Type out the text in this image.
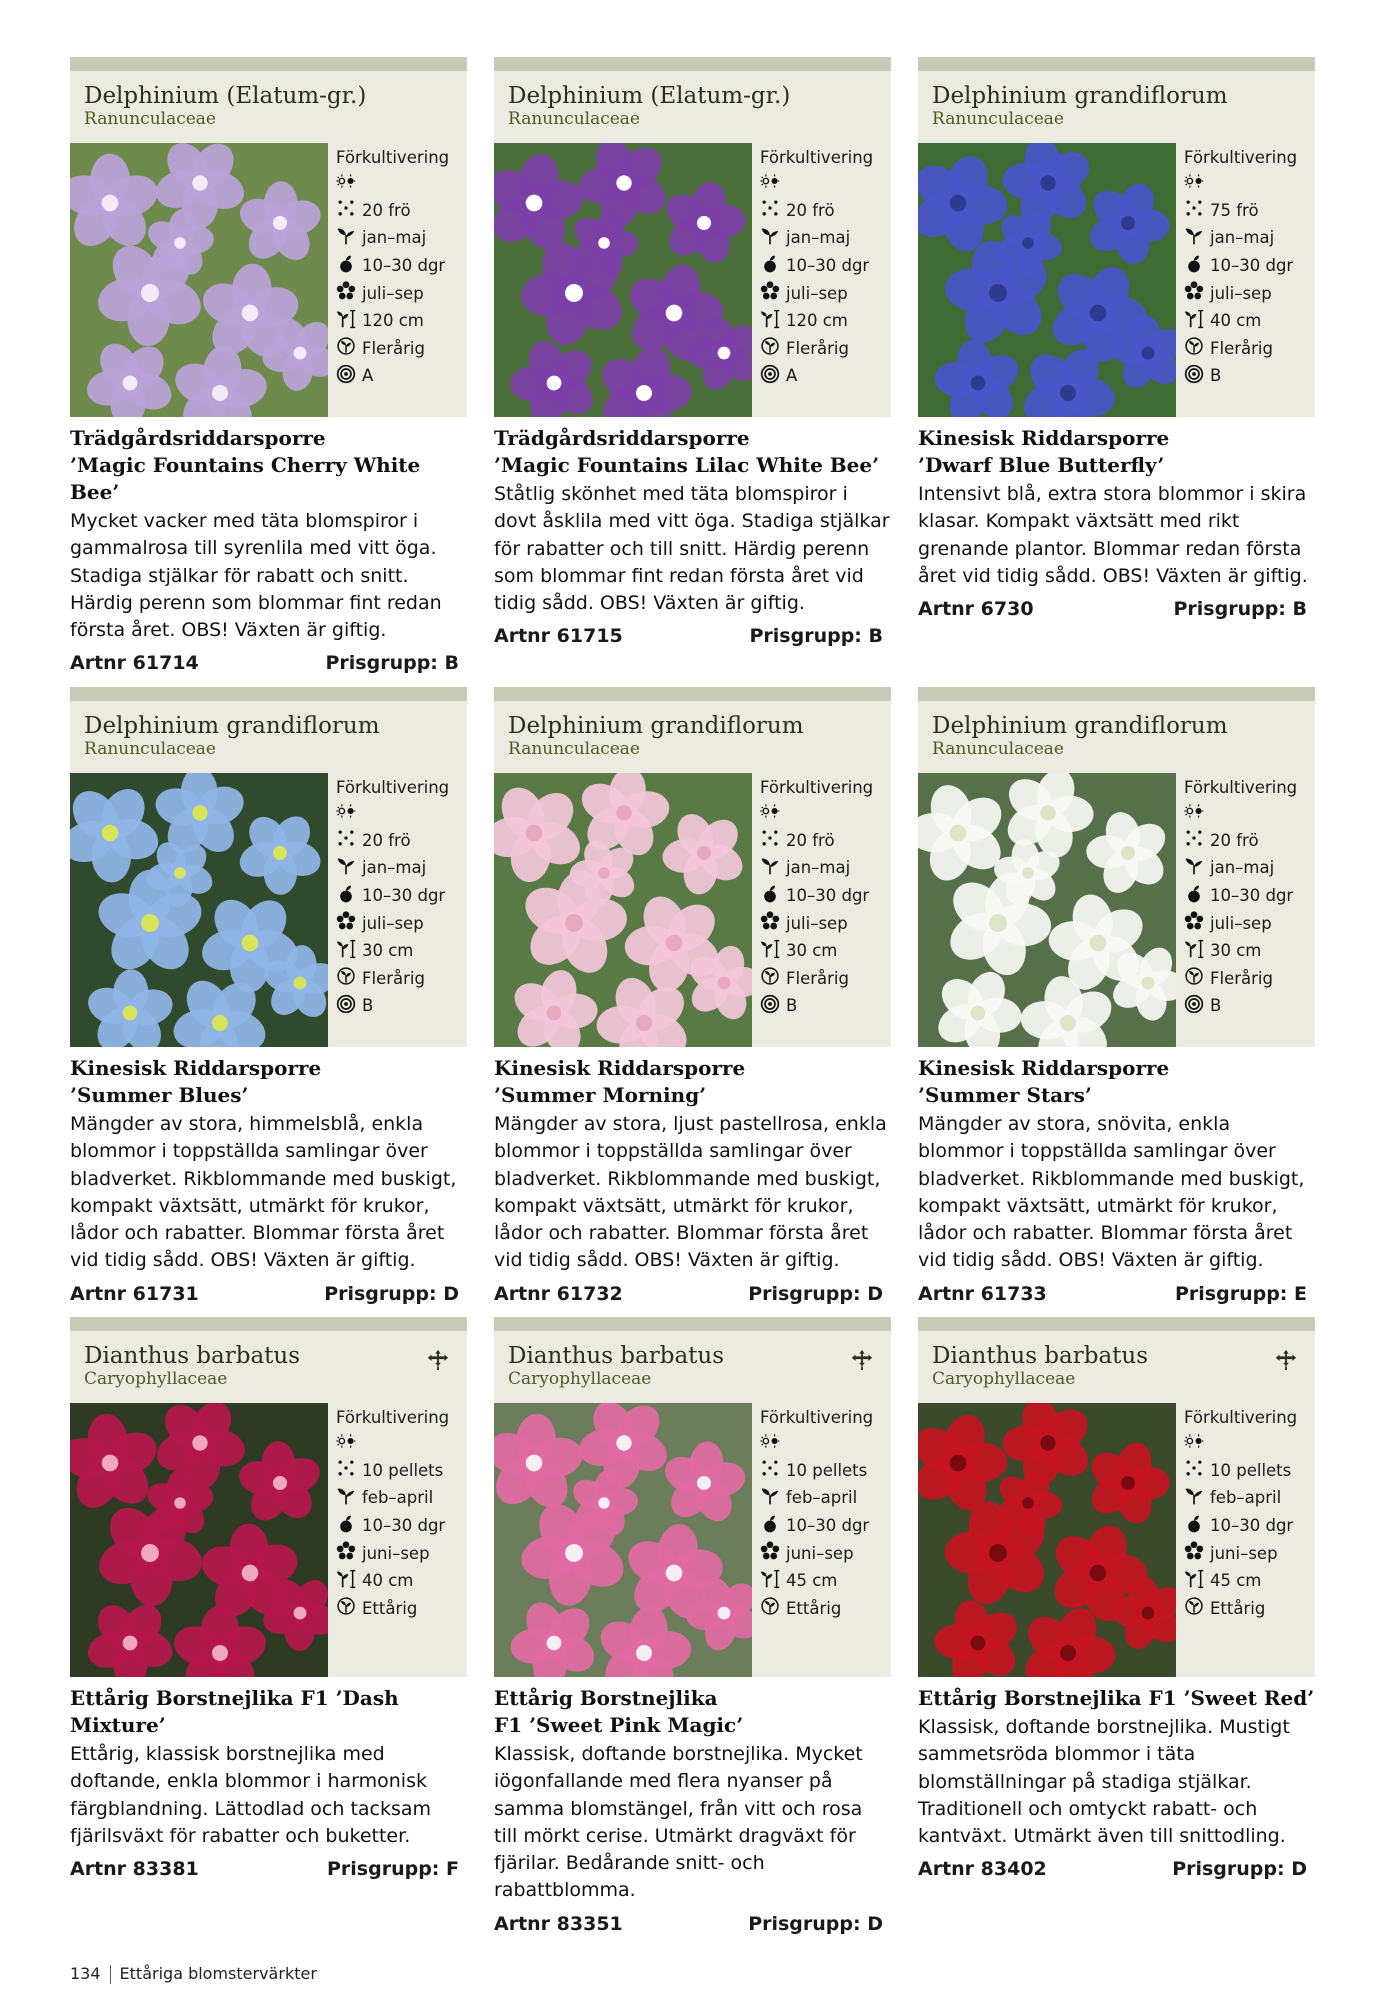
Delphinium (Elatum-gr.)
Ranunculaceae
Förkultivering
20 frö
jan–maj
10–30 dgr
juli–sep
120 cm
Flerårig
A
Trädgårdsriddarsporre
’Magic Fountains Cherry White Bee’
Mycket vacker med täta blomspiror i gammalrosa till syrenlila med vitt öga. Stadiga stjälkar för rabatt och snitt. Härdig perenn som blommar fint redan första året. OBS! Växten är giftig.
Artnr 61714	Prisgrupp: B
Delphinium (Elatum-gr.)
Ranunculaceae
Förkultivering
20 frö
jan–maj
10–30 dgr
juli–sep
120 cm
Flerårig
A
Trädgårdsriddarsporre
’Magic Fountains Lilac White Bee’
Ståtlig skönhet med täta blomspiror i dovt åsklila med vitt öga. Stadiga stjälkar för rabatter och till snitt. Härdig perenn som blommar fint redan första året vid tidig sådd. OBS! Växten är giftig.
Artnr 61715	Prisgrupp: B
Delphinium grandiflorum
Ranunculaceae
Förkultivering
75 frö
jan–maj
10–30 dgr
juli–sep
40 cm
Flerårig
B
Kinesisk Riddarsporre
’Dwarf Blue Butterfly’
Intensivt blå, extra stora blommor i skira klasar. Kompakt växtsätt med rikt grenande plantor. Blommar redan första året vid tidig sådd. OBS! Växten är giftig.
Artnr 6730	Prisgrupp: B
Delphinium grandiflorum
Ranunculaceae
Förkultivering
20 frö
jan–maj
10–30 dgr
juli–sep
30 cm
Flerårig
B
Kinesisk Riddarsporre
’Summer Blues’
Mängder av stora, himmelsblå, enkla blommor i toppställda samlingar över bladverket. Rikblommande med buskigt, kompakt växtsätt, utmärkt för krukor, lådor och rabatter. Blommar första året vid tidig sådd. OBS! Växten är giftig.
Artnr 61731	Prisgrupp: D
Delphinium grandiflorum
Ranunculaceae
Förkultivering
20 frö
jan–maj
10–30 dgr
juli–sep
30 cm
Flerårig
B
Kinesisk Riddarsporre
’Summer Morning’
Mängder av stora, ljust pastellrosa, enkla blommor i toppställda samlingar över bladverket. Rikblommande med buskigt, kompakt växtsätt, utmärkt för krukor, lådor och rabatter. Blommar första året vid tidig sådd. OBS! Växten är giftig.
Artnr 61732	Prisgrupp: D
Delphinium grandiflorum
Ranunculaceae
Förkultivering
20 frö
jan–maj
10–30 dgr
juli–sep
30 cm
Flerårig
B
Kinesisk Riddarsporre
’Summer Stars’
Mängder av stora, snövita, enkla blommor i toppställda samlingar över bladverket. Rikblommande med buskigt, kompakt växtsätt, utmärkt för krukor, lådor och rabatter. Blommar första året vid tidig sådd. OBS! Växten är giftig.
Artnr 61733	Prisgrupp: E
Dianthus barbatus
Caryophyllaceae
Förkultivering
10 pellets
feb–april
10–30 dgr
juni–sep
40 cm
Ettårig
Ettårig Borstnejlika F1 ’Dash Mixture’
Ettårig, klassisk borstnejlika med doftande, enkla blommor i harmonisk färgblandning. Lättodlad och tacksam fjärilsväxt för rabatter och buketter.
Artnr 83381	Prisgrupp: F
Dianthus barbatus
Caryophyllaceae
Förkultivering
10 pellets
feb–april
10–30 dgr
juni–sep
45 cm
Ettårig
Ettårig Borstnejlika
F1 ’Sweet Pink Magic’
Klassisk, doftande borstnejlika. Mycket iögonfallande med flera nyanser på samma blomstängel, från vitt och rosa till mörkt cerise. Utmärkt dragväxt för fjärilar. Bedårande snitt- och rabattblomma.
Artnr 83351	Prisgrupp: D
Dianthus barbatus
Caryophyllaceae
Förkultivering
10 pellets
feb–april
10–30 dgr
juni–sep
45 cm
Ettårig
Ettårig Borstnejlika F1 ’Sweet Red’
Klassisk, doftande borstnejlika. Mustigt sammetsröda blommor i täta blomställningar på stadiga stjälkar. Traditionell och omtyckt rabatt- och kantväxt. Utmärkt även till snittodling.
Artnr 83402	Prisgrupp: D
134 Ettåriga blomstervärkter
